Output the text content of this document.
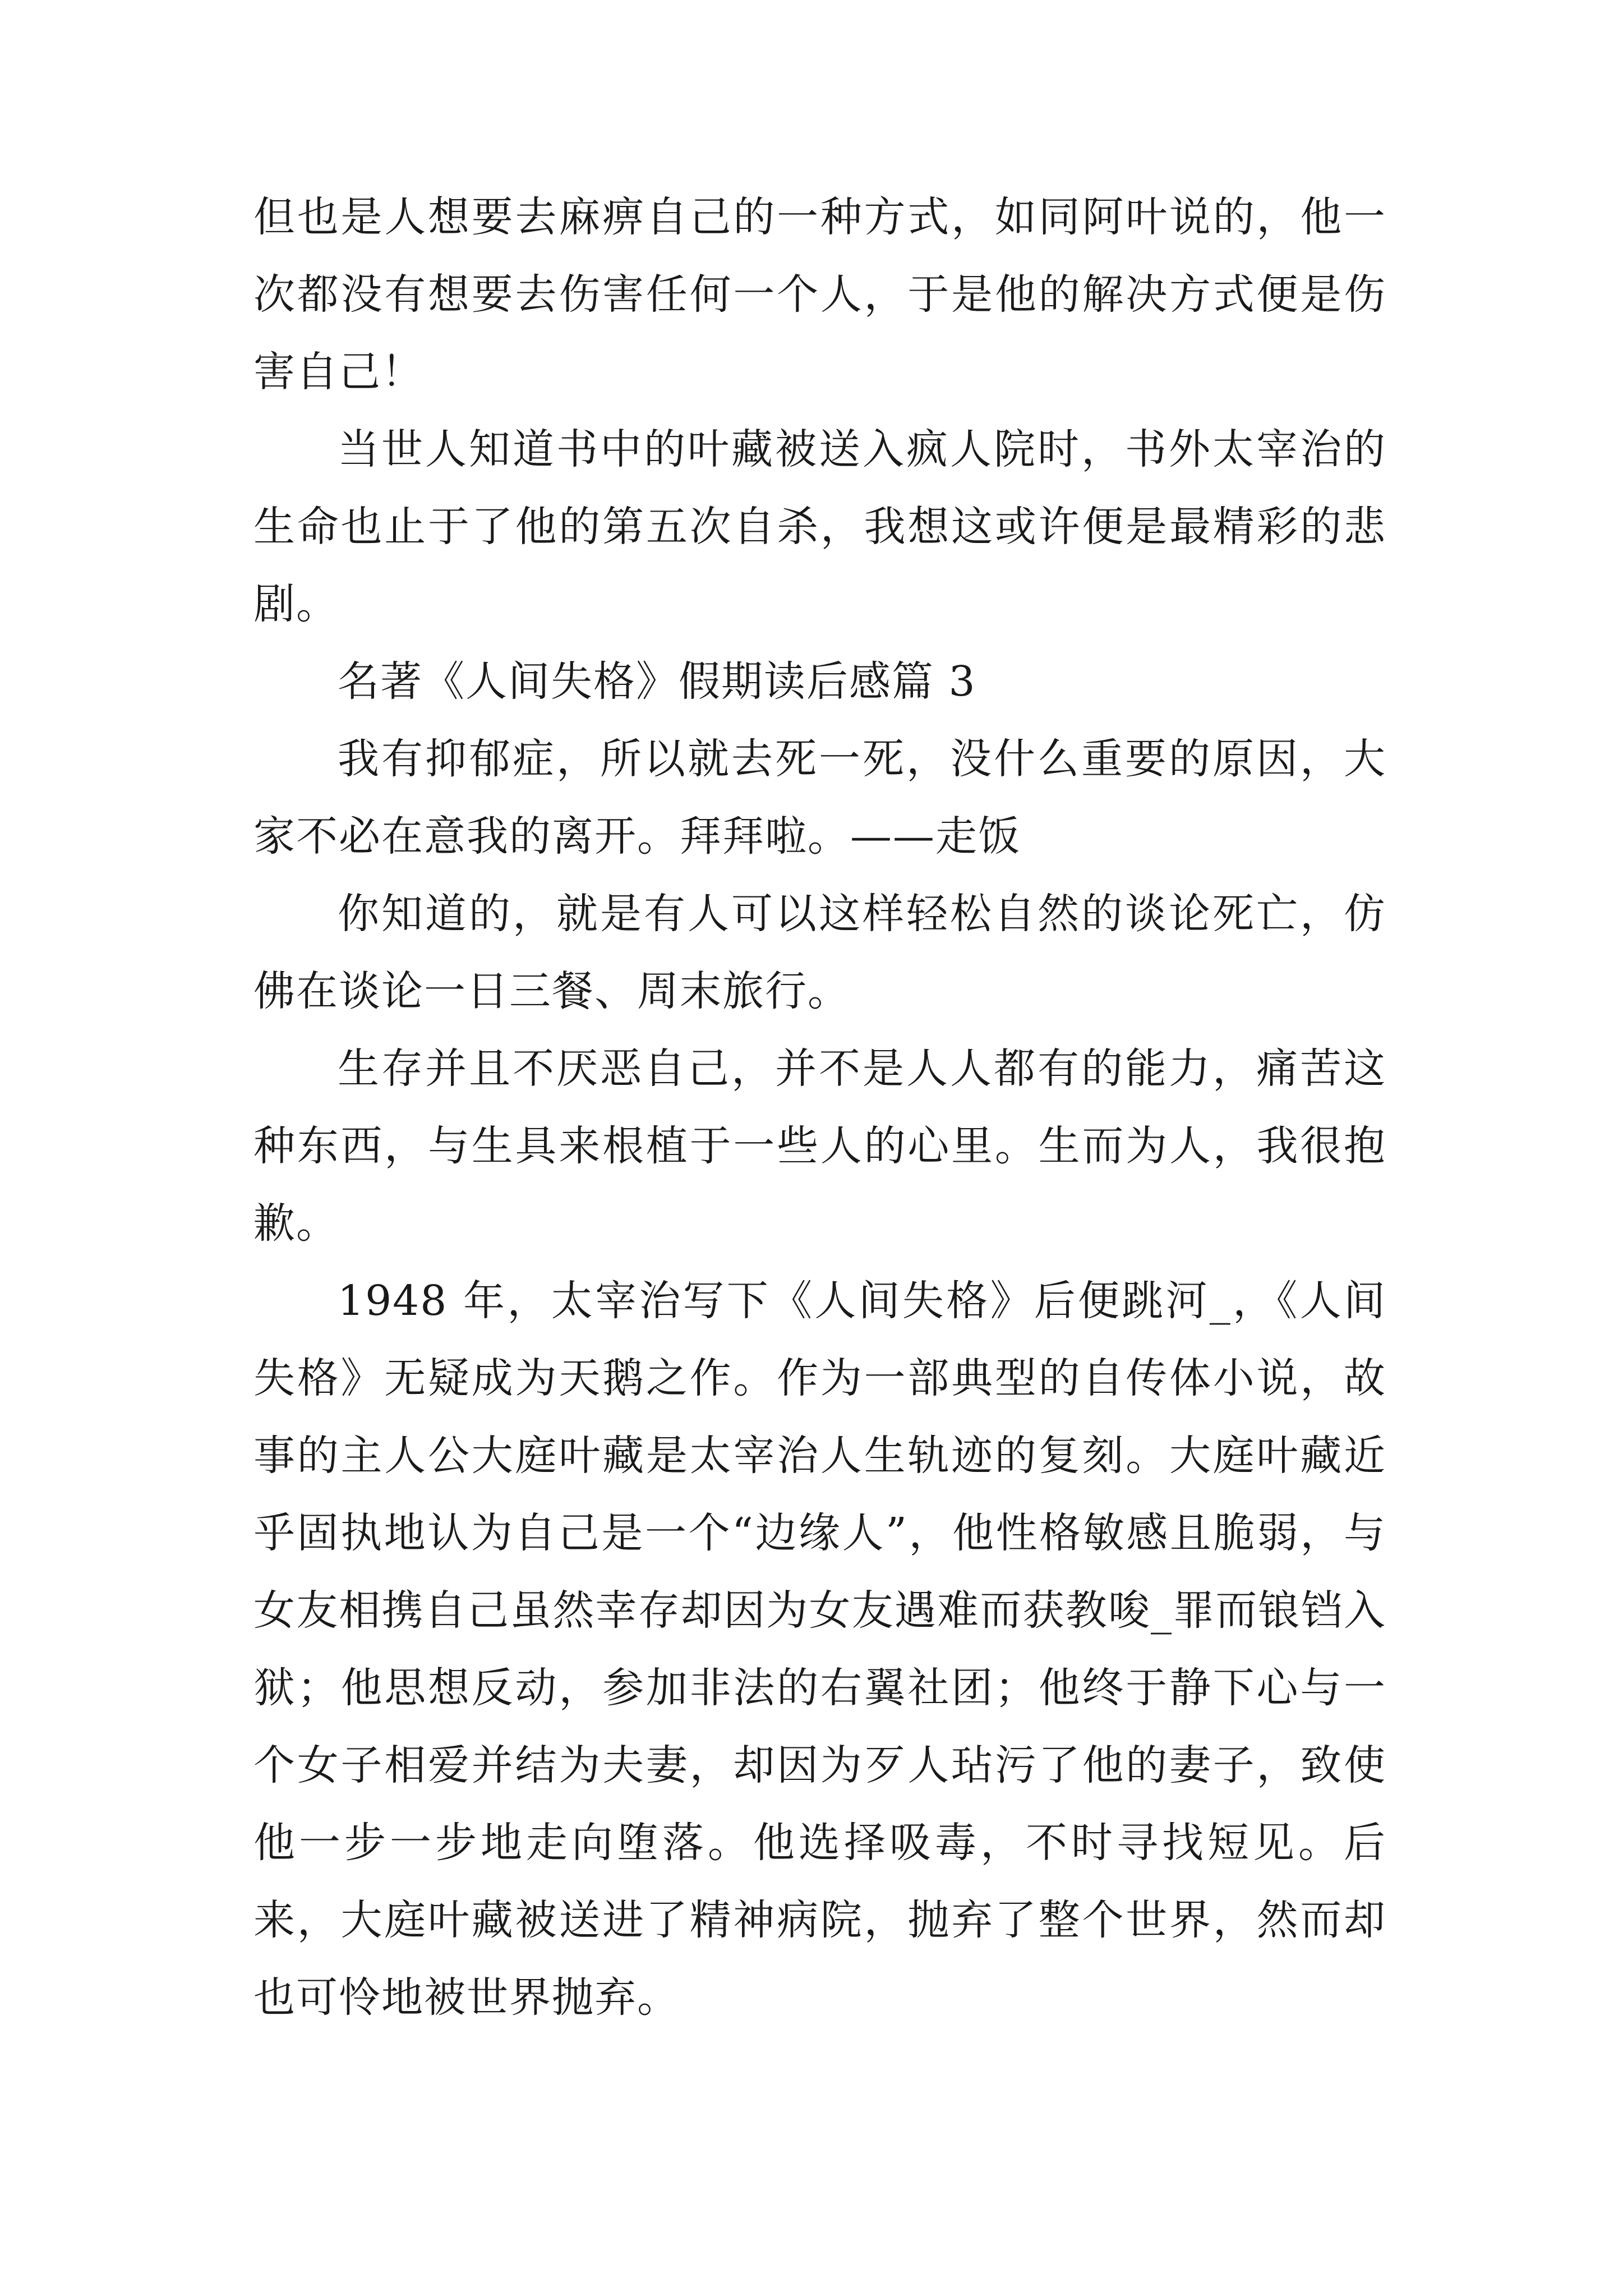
但也是人想要去麻痹自己的一种方式，如同阿叶说的，他一次都没有想要去伤害任何一个人，于是他的解决方式便是伤害自己！

当世人知道书中的叶藏被送入疯人院时，书外太宰治的生命也止于了他的第五次自杀，我想这或许便是最精彩的悲剧。

名著《人间失格》假期读后感篇 3

我有抑郁症，所以就去死一死，没什么重要的原因，大家不必在意我的离开。拜拜啦。——走饭

你知道的，就是有人可以这样轻松自然的谈论死亡，仿佛在谈论一日三餐、周末旅行。

生存并且不厌恶自己，并不是人人都有的能力，痛苦这种东西，与生具来根植于一些人的心里。生而为人，我很抱歉。

1948 年，太宰治写下《人间失格》后便跳河_，《人间失格》无疑成为天鹅之作。作为一部典型的自传体小说，故事的主人公大庭叶藏是太宰治人生轨迹的复刻。大庭叶藏近乎固执地认为自己是一个“边缘人”，他性格敏感且脆弱，与女友相携自己虽然幸存却因为女友遇难而获教唆_罪而锒铛入狱；他思想反动，参加非法的右翼社团；他终于静下心与一个女子相爱并结为夫妻，却因为歹人玷污了他的妻子，致使他一步一步地走向堕落。他选择吸毒，不时寻找短见。后来，大庭叶藏被送进了精神病院，抛弃了整个世界，然而却也可怜地被世界抛弃。
